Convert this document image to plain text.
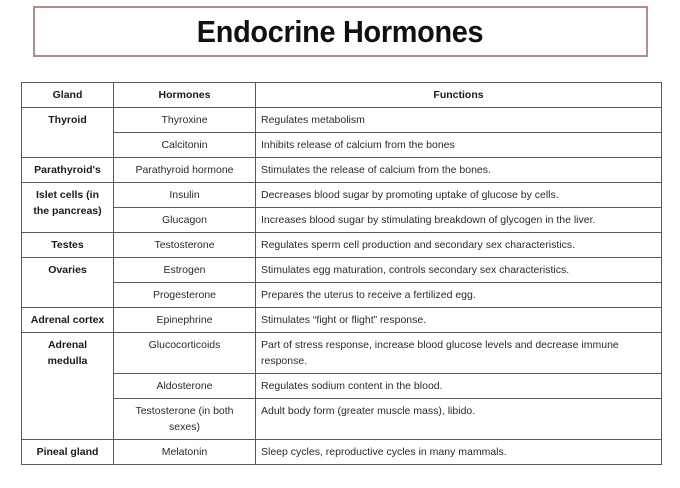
Endocrine Hormones
Gland	Hormones	Functions
Thyroid	Thyroxine	Regulates metabolism
	Calcitonin	Inhibits release of calcium from the bones
Parathyroid's	Parathyroid hormone	Stimulates the release of calcium from the bones.
Islet cells (in the pancreas)	Insulin	Decreases blood sugar by promoting uptake of glucose by cells.
	Glucagon	Increases blood sugar by stimulating breakdown of glycogen in the liver.
Testes	Testosterone	Regulates sperm cell production and secondary sex characteristics.
Ovaries	Estrogen	Stimulates egg maturation, controls secondary sex characteristics.
	Progesterone	Prepares the uterus to receive a fertilized egg.
Adrenal cortex	Epinephrine	Stimulates “fight or flight” response.
Adrenal medulla	Glucocorticoids	Part of stress response, increase blood glucose levels and decrease immune response.
	Aldosterone	Regulates sodium content in the blood.
	Testosterone (in both sexes)	Adult body form (greater muscle mass), libido.
Pineal gland	Melatonin	Sleep cycles, reproductive cycles in many mammals.
